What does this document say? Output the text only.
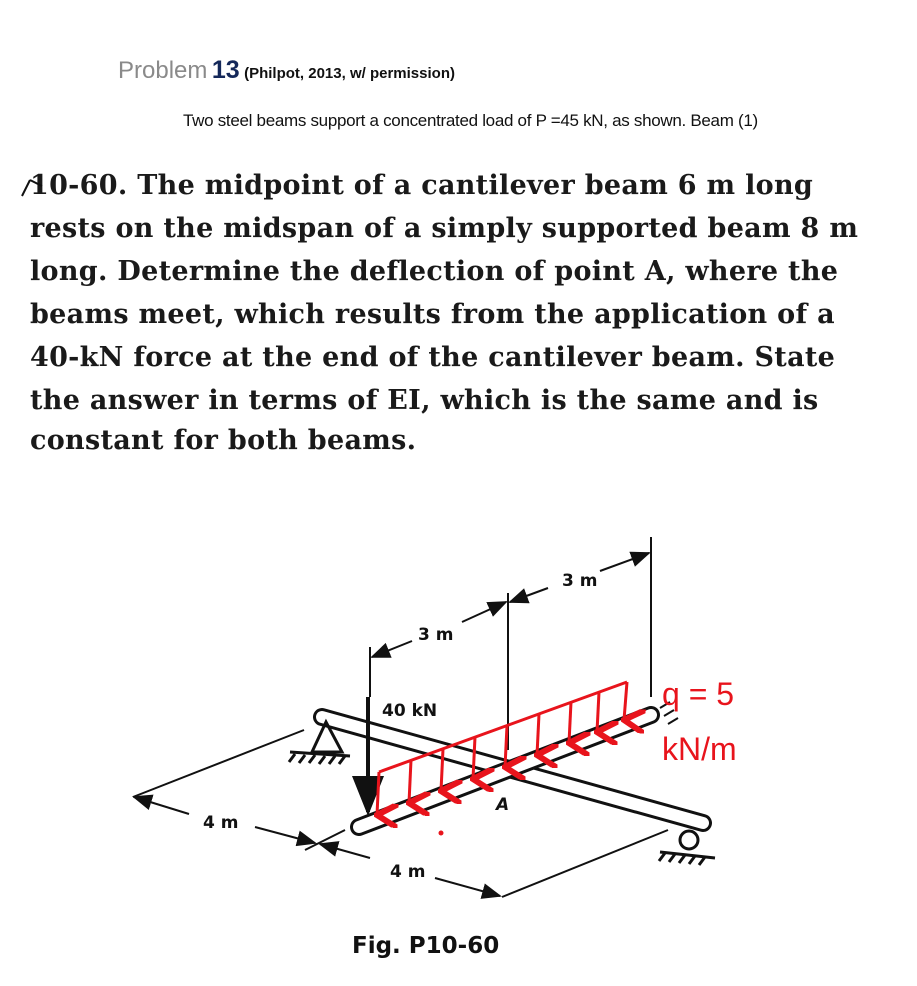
Problem 13 (Philpot, 2013, w/ permission)
Two steel beams support a concentrated load of P =45 kN, as shown. Beam (1)
10-60. The midpoint of a cantilever beam 6 m long
rests on the midspan of a simply supported beam 8 m
long. Determine the deflection of point A, where the
beams meet, which results from the application of a
40-kN force at the end of the cantilever beam. State
the answer in terms of EI, which is the same and is
constant for both beams.
40 kN
3 m
3 m
4 m
4 m
A
Fig. P10-60
q = 5
kN/m
